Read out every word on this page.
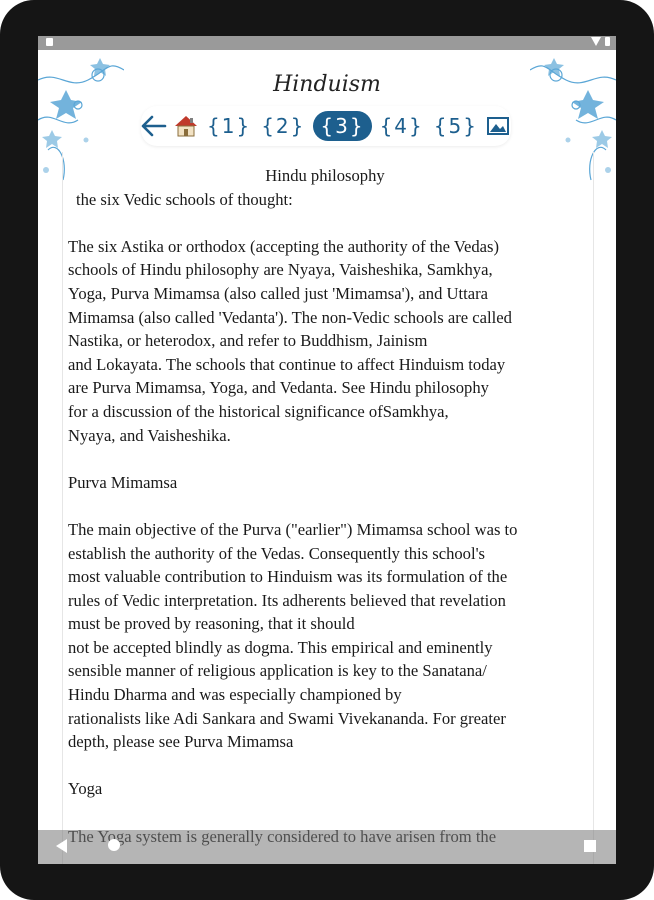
Hinduism
{1} {2} {3} {4} {5}

Hindu philosophy

the six Vedic schools of thought:

The six Astika or orthodox (accepting the authority of the Vedas)

schools of Hindu philosophy are Nyaya, Vaisheshika, Samkhya,

Yoga, Purva Mimamsa (also called just 'Mimamsa'), and Uttara

Mimamsa (also called 'Vedanta'). The non-Vedic schools are called

Nastika, or heterodox, and refer to Buddhism, Jainism

and Lokayata. The schools that continue to affect Hinduism today

are Purva Mimamsa, Yoga, and Vedanta. See Hindu philosophy

for a discussion of the historical significance ofSamkhya,

Nyaya, and Vaisheshika.

Purva Mimamsa

The main objective of the Purva ("earlier") Mimamsa school was to

establish the authority of the Vedas. Consequently this school's

most valuable contribution to Hinduism was its formulation of the

rules of Vedic interpretation. Its adherents believed that revelation

must be proved by reasoning, that it should

not be accepted blindly as dogma. This empirical and eminently

sensible manner of religious application is key to the Sanatana/

Hindu Dharma and was especially championed by

rationalists like Adi Sankara and Swami Vivekananda. For greater

depth, please see Purva Mimamsa

Yoga
